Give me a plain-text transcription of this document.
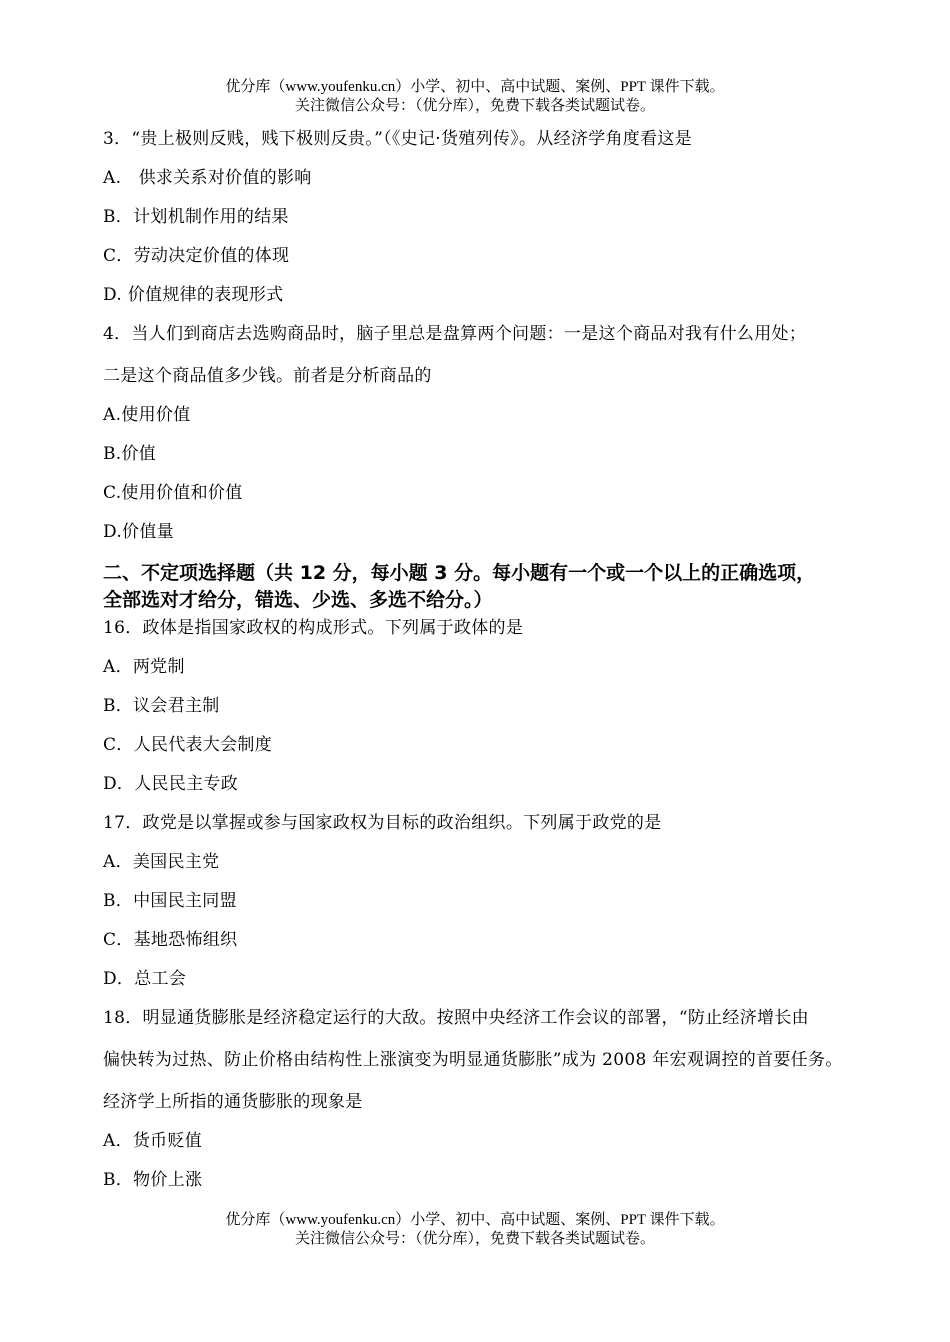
优分库（www.youfenku.cn）小学、初中、高中试题、案例、PPT 课件下载。
关注微信公众号：（优分库），免费下载各类试题试卷。
3．“贵上极则反贱，贱下极则反贵。”（《史记·货殖列传》。从经济学角度看这是
A.　供求关系对价值的影响
B．计划机制作用的结果
C．劳动决定价值的体现
D. 价值规律的表现形式
4．当人们到商店去选购商品时，脑子里总是盘算两个问题：一是这个商品对我有什么用处；
二是这个商品值多少钱。前者是分析商品的
A.使用价值
B.价值
C.使用价值和价值
D.价值量
二、不定项选择题（共 12 分，每小题 3 分。每小题有一个或一个以上的正确选项，
全部选对才给分，错选、少选、多选不给分。）
16．政体是指国家政权的构成形式。下列属于政体的是
A．两党制
B．议会君主制
C．人民代表大会制度
D．人民民主专政
17．政党是以掌握或参与国家政权为目标的政治组织。下列属于政党的是
A．美国民主党
B．中国民主同盟
C．基地恐怖组织
D．总工会
18．明显通货膨胀是经济稳定运行的大敌。按照中央经济工作会议的部署，“防止经济增长由
偏快转为过热、防止价格由结构性上涨演变为明显通货膨胀”成为 2008 年宏观调控的首要任务。
经济学上所指的通货膨胀的现象是
A．货币贬值
B．物价上涨
优分库（www.youfenku.cn）小学、初中、高中试题、案例、PPT 课件下载。
关注微信公众号：（优分库），免费下载各类试题试卷。
